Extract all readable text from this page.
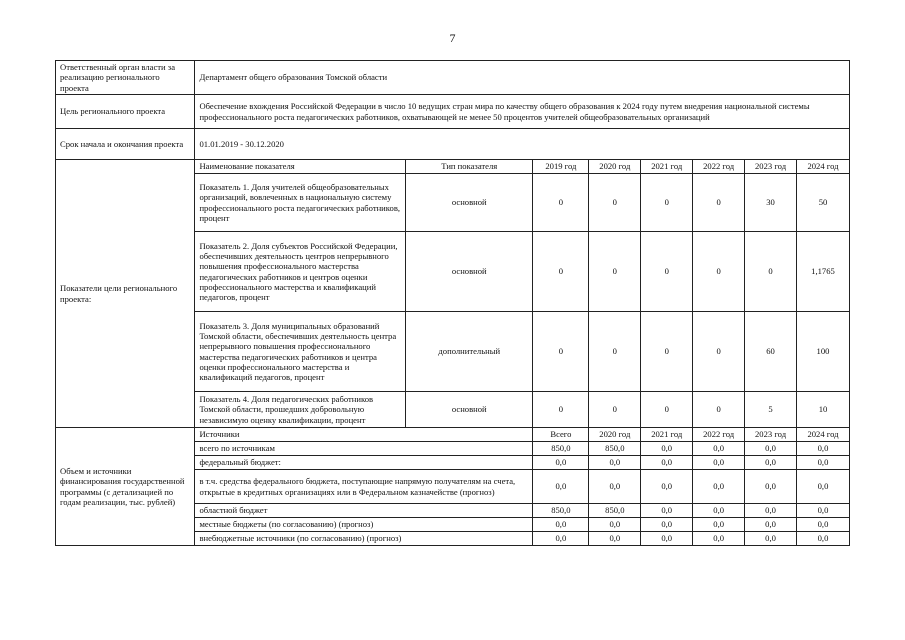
7
Ответственный орган власти за реализацию регионального проекта	Департамент общего образования Томской области							
Цель регионального проекта	Обеспечение вхождения Российской Федерации в число 10 ведущих стран мира по качеству общего образования к 2024 году путем внедрения национальной системы профессионального роста педагогических работников, охватывающей не менее 50 процентов учителей общеобразовательных организаций							
Срок начала и окончания проекта	01.01.2019 - 30.12.2020							
Показатели цели регионального проекта:	Наименование показателя	Тип показателя	2019 год	2020 год	2021 год	2022 год	2023 год	2024 год
	Показатель 1. Доля учителей общеобразовательных организаций, вовлеченных в национальную систему профессионального роста педагогических работников, процент	основной	0	0	0	0	30	50
	Показатель 2. Доля субъектов Российской Федерации, обеспечивших деятельность центров непрерывного повышения профессионального мастерства педагогических работников и центров оценки профессионального мастерства и квалификаций педагогов, процент	основной	0	0	0	0	0	1,1765
	Показатель 3. Доля муниципальных образований Томской области, обеспечивших деятельность центра непрерывного повышения профессионального мастерства педагогических работников и центра оценки профессионального мастерства и квалификаций педагогов, процент	дополнительный	0	0	0	0	60	100
	Показатель 4. Доля педагогических работников Томской области, прошедших добровольную независимую оценку квалификации, процент	основной	0	0	0	0	5	10
Объем и источники финансирования государственной программы (с детализацией по годам реализации, тыс. рублей)	Источники		Всего	2020 год	2021 год	2022 год	2023 год	2024 год
	всего по источникам		850,0	850,0	0,0	0,0	0,0	0,0
	федеральный бюджет:		0,0	0,0	0,0	0,0	0,0	0,0
	в т.ч. средства федерального бюджета, поступающие напрямую получателям на счета, открытые в кредитных организациях или в Федеральном казначействе (прогноз)		0,0	0,0	0,0	0,0	0,0	0,0
	областной бюджет		850,0	850,0	0,0	0,0	0,0	0,0
	местные бюджеты (по согласованию) (прогноз)		0,0	0,0	0,0	0,0	0,0	0,0
	внебюджетные источники (по согласованию) (прогноз)		0,0	0,0	0,0	0,0	0,0	0,0
